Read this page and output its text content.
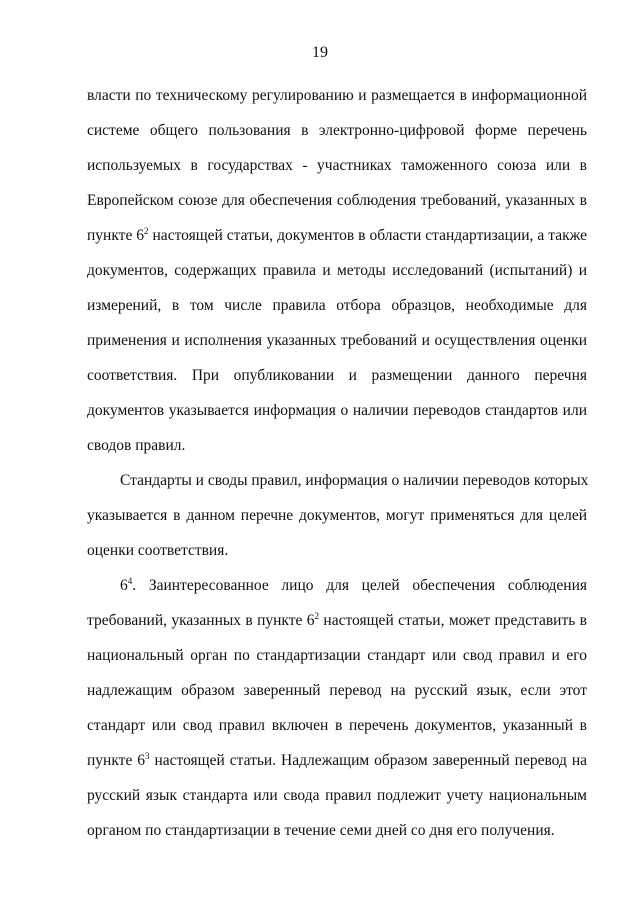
19
власти по техническому регулированию и размещается в информационной
системе общего пользования в электронно-цифровой форме перечень
используемых в государствах - участниках таможенного союза или в
Европейском союзе для обеспечения соблюдения требований, указанных в
пункте $6^2$ настоящей статьи, документов в области стандартизации, а также
документов, содержащих правила и методы исследований (испытаний) и
измерений, в том числе правила отбора образцов, необходимые для
применения и исполнения указанных требований и осуществления оценки
соответствия. При опубликовании и размещении данного перечня
документов указывается информация о наличии переводов стандартов или
сводов правил.
Стандарты и своды правил, информация о наличии переводов которых
указывается в данном перечне документов, могут применяться для целей
оценки соответствия.
$6^4$. Заинтересованное лицо для целей обеспечения соблюдения
требований, указанных в пункте $6^2$ настоящей статьи, может представить в
национальный орган по стандартизации стандарт или свод правил и его
надлежащим образом заверенный перевод на русский язык, если этот
стандарт или свод правил включен в перечень документов, указанный в
пункте $6^3$ настоящей статьи. Надлежащим образом заверенный перевод на
русский язык стандарта или свода правил подлежит учету национальным
органом по стандартизации в течение семи дней со дня его получения.
